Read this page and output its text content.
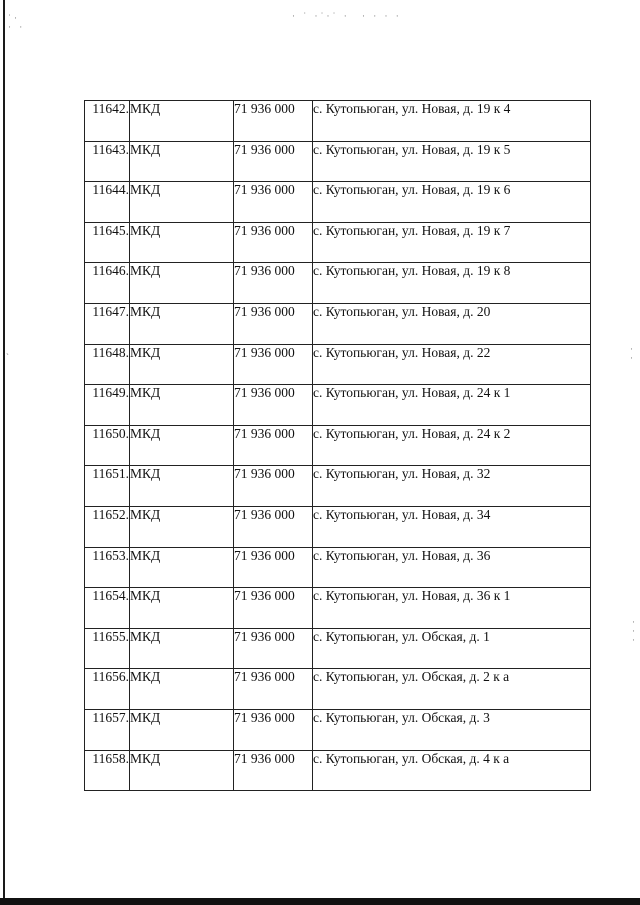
˙·
· ·
· ˙ ·˙·˙ · · · · ·
ˎ	·
·
·
·
·
11642.	МКД	71 936 000	с. Кутопьюган, ул. Новая, д. 19 к 4
11643.	МКД	71 936 000	с. Кутопьюган, ул. Новая, д. 19 к 5
11644.	МКД	71 936 000	с. Кутопьюган, ул. Новая, д. 19 к 6
11645.	МКД	71 936 000	с. Кутопьюган, ул. Новая, д. 19 к 7
11646.	МКД	71 936 000	с. Кутопьюган, ул. Новая, д. 19 к 8
11647.	МКД	71 936 000	с. Кутопьюган, ул. Новая, д. 20
11648.	МКД	71 936 000	с. Кутопьюган, ул. Новая, д. 22
11649.	МКД	71 936 000	с. Кутопьюган, ул. Новая, д. 24 к 1
11650.	МКД	71 936 000	с. Кутопьюган, ул. Новая, д. 24 к 2
11651.	МКД	71 936 000	с. Кутопьюган, ул. Новая, д. 32
11652.	МКД	71 936 000	с. Кутопьюган, ул. Новая, д. 34
11653.	МКД	71 936 000	с. Кутопьюган, ул. Новая, д. 36
11654.	МКД	71 936 000	с. Кутопьюган, ул. Новая, д. 36 к 1
11655.	МКД	71 936 000	с. Кутопьюган, ул. Обская, д. 1
11656.	МКД	71 936 000	с. Кутопьюган, ул. Обская, д. 2 к а
11657.	МКД	71 936 000	с. Кутопьюган, ул. Обская, д. 3
11658.	МКД	71 936 000	с. Кутопьюган, ул. Обская, д. 4 к а
